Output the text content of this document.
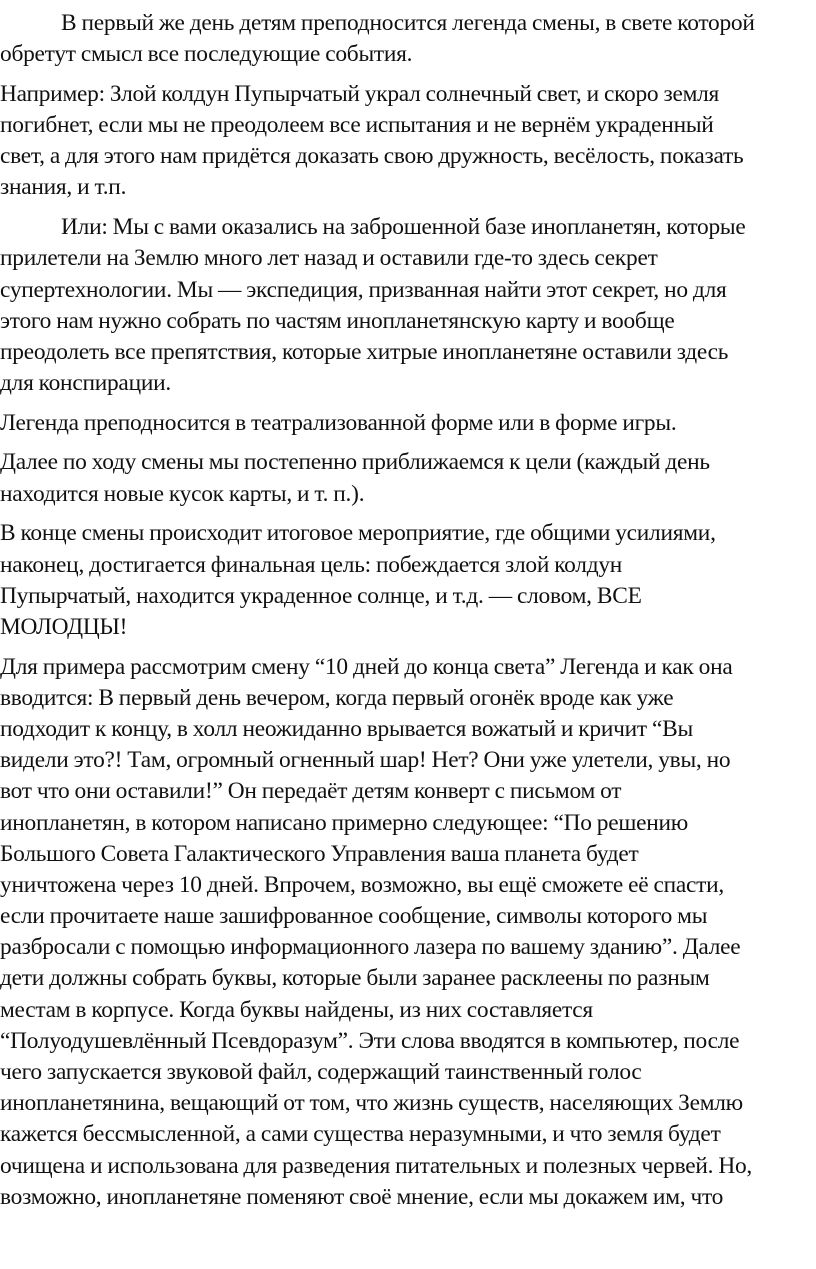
В первый же день детям преподносится легенда смены, в свете которой
обретут смысл все последующие события.
Например: Злой колдун Пупырчатый украл солнечный свет, и скоро земля
погибнет, если мы не преодолеем все испытания и не вернём украденный
свет, а для этого нам придётся доказать свою дружность, весёлость, показать
знания, и т.п.
Или: Мы с вами оказались на заброшенной базе инопланетян, которые
прилетели на Землю много лет назад и оставили где-то здесь секрет
супертехнологии. Мы — экспедиция, призванная найти этот секрет, но для
этого нам нужно собрать по частям инопланетянскую карту и вообще
преодолеть все препятствия, которые хитрые инопланетяне оставили здесь
для конспирации.
Легенда преподносится в театрализованной форме или в форме игры.
Далее по ходу смены мы постепенно приближаемся к цели (каждый день
находится новые кусок карты, и т. п.).
В конце смены происходит итоговое мероприятие, где общими усилиями,
наконец, достигается финальная цель: побеждается злой колдун
Пупырчатый, находится украденное солнце, и т.д. — словом, ВСЕ
МОЛОДЦЫ!
Для примера рассмотрим смену “10 дней до конца света” Легенда и как она
вводится: В первый день вечером, когда первый огонёк вроде как уже
подходит к концу, в холл неожиданно врывается вожатый и кричит “Вы
видели это?! Там, огромный огненный шар! Нет? Они уже улетели, увы, но
вот что они оставили!” Он передаёт детям конверт с письмом от
инопланетян, в котором написано примерно следующее: “По решению
Большого Совета Галактического Управления ваша планета будет
уничтожена через 10 дней. Впрочем, возможно, вы ещё сможете её спасти,
если прочитаете наше зашифрованное сообщение, символы которого мы
разбросали с помощью информационного лазера по вашему зданию”. Далее
дети должны собрать буквы, которые были заранее расклеены по разным
местам в корпусе. Когда буквы найдены, из них составляется
“Полуодушевлённый Псевдоразум”. Эти слова вводятся в компьютер, после
чего запускается звуковой файл, содержащий таинственный голос
инопланетянина, вещающий от том, что жизнь существ, населяющих Землю
кажется бессмысленной, а сами существа неразумными, и что земля будет
очищена и использована для разведения питательных и полезных червей. Но,
возможно, инопланетяне поменяют своё мнение, если мы докажем им, что
